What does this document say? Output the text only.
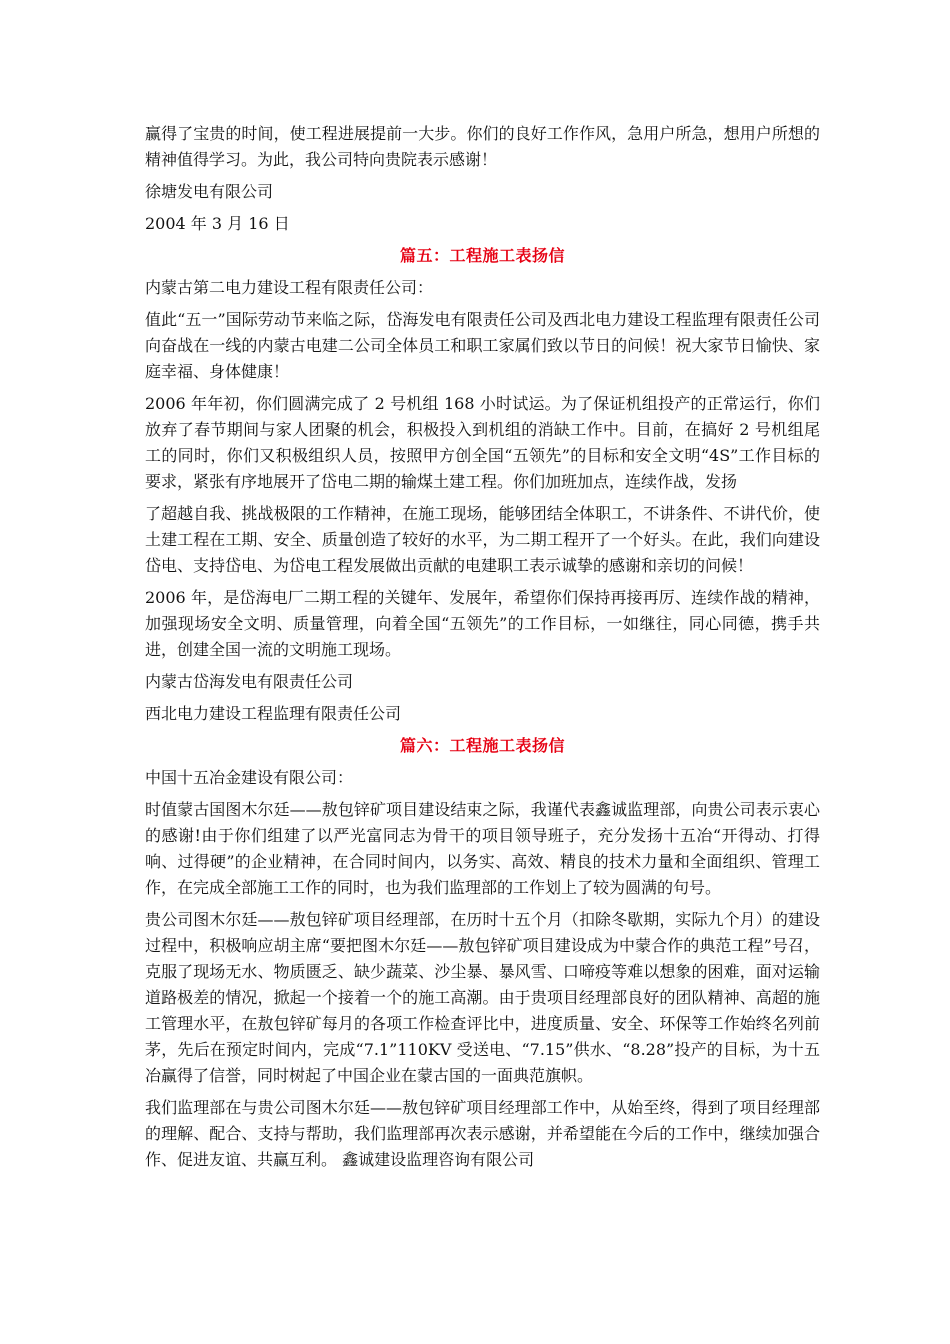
赢得了宝贵的时间，使工程进展提前一大步。你们的良好工作作风，急用户所急，想用户所想的精神值得学习。为此，我公司特向贵院表示感谢！

徐塘发电有限公司

2004 年 3 月 16 日

篇五：工程施工表扬信

内蒙古第二电力建设工程有限责任公司：

值此“五一”国际劳动节来临之际，岱海发电有限责任公司及西北电力建设工程监理有限责任公司向奋战在一线的内蒙古电建二公司全体员工和职工家属们致以节日的问候！祝大家节日愉快、家庭幸福、身体健康！

2006 年年初，你们圆满完成了 2 号机组 168 小时试运。为了保证机组投产的正常运行，你们放弃了春节期间与家人团聚的机会，积极投入到机组的消缺工作中。目前，在搞好 2 号机组尾工的同时，你们又积极组织人员，按照甲方创全国“五领先”的目标和安全文明“4S”工作目标的要求，紧张有序地展开了岱电二期的输煤土建工程。你们加班加点，连续作战，发扬

了超越自我、挑战极限的工作精神，在施工现场，能够团结全体职工，不讲条件、不讲代价，使土建工程在工期、安全、质量创造了较好的水平，为二期工程开了一个好头。在此，我们向建设岱电、支持岱电、为岱电工程发展做出贡献的电建职工表示诚挚的感谢和亲切的问候！

2006 年，是岱海电厂二期工程的关键年、发展年，希望你们保持再接再厉、连续作战的精神，加强现场安全文明、质量管理，向着全国“五领先”的工作目标，一如继往，同心同德，携手共进，创建全国一流的文明施工现场。

内蒙古岱海发电有限责任公司

西北电力建设工程监理有限责任公司

篇六：工程施工表扬信

中国十五冶金建设有限公司：

时值蒙古国图木尔廷——敖包锌矿项目建设结束之际，我谨代表鑫诚监理部，向贵公司表示衷心的感谢!由于你们组建了以严光富同志为骨干的项目领导班子，充分发扬十五冶“开得动、打得响、过得硬”的企业精神，在合同时间内，以务实、高效、精良的技术力量和全面组织、管理工作，在完成全部施工工作的同时，也为我们监理部的工作划上了较为圆满的句号。

贵公司图木尔廷——敖包锌矿项目经理部，在历时十五个月（扣除冬歇期，实际九个月）的建设过程中，积极响应胡主席“要把图木尔廷——敖包锌矿项目建设成为中蒙合作的典范工程”号召，克服了现场无水、物质匮乏、缺少蔬菜、沙尘暴、暴风雪、口啼疫等难以想象的困难，面对运输道路极差的情况，掀起一个接着一个的施工高潮。由于贵项目经理部良好的团队精神、高超的施工管理水平，在敖包锌矿每月的各项工作检查评比中，进度质量、安全、环保等工作始终名列前茅，先后在预定时间内，完成“7.1”110KV 受送电、“7.15”供水、“8.28”投产的目标，为十五冶赢得了信誉，同时树起了中国企业在蒙古国的一面典范旗帜。

我们监理部在与贵公司图木尔廷——敖包锌矿项目经理部工作中，从始至终，得到了项目经理部的理解、配合、支持与帮助，我们监理部再次表示感谢，并希望能在今后的工作中，继续加强合作、促进友谊、共赢互利。 鑫诚建设监理咨询有限公司
